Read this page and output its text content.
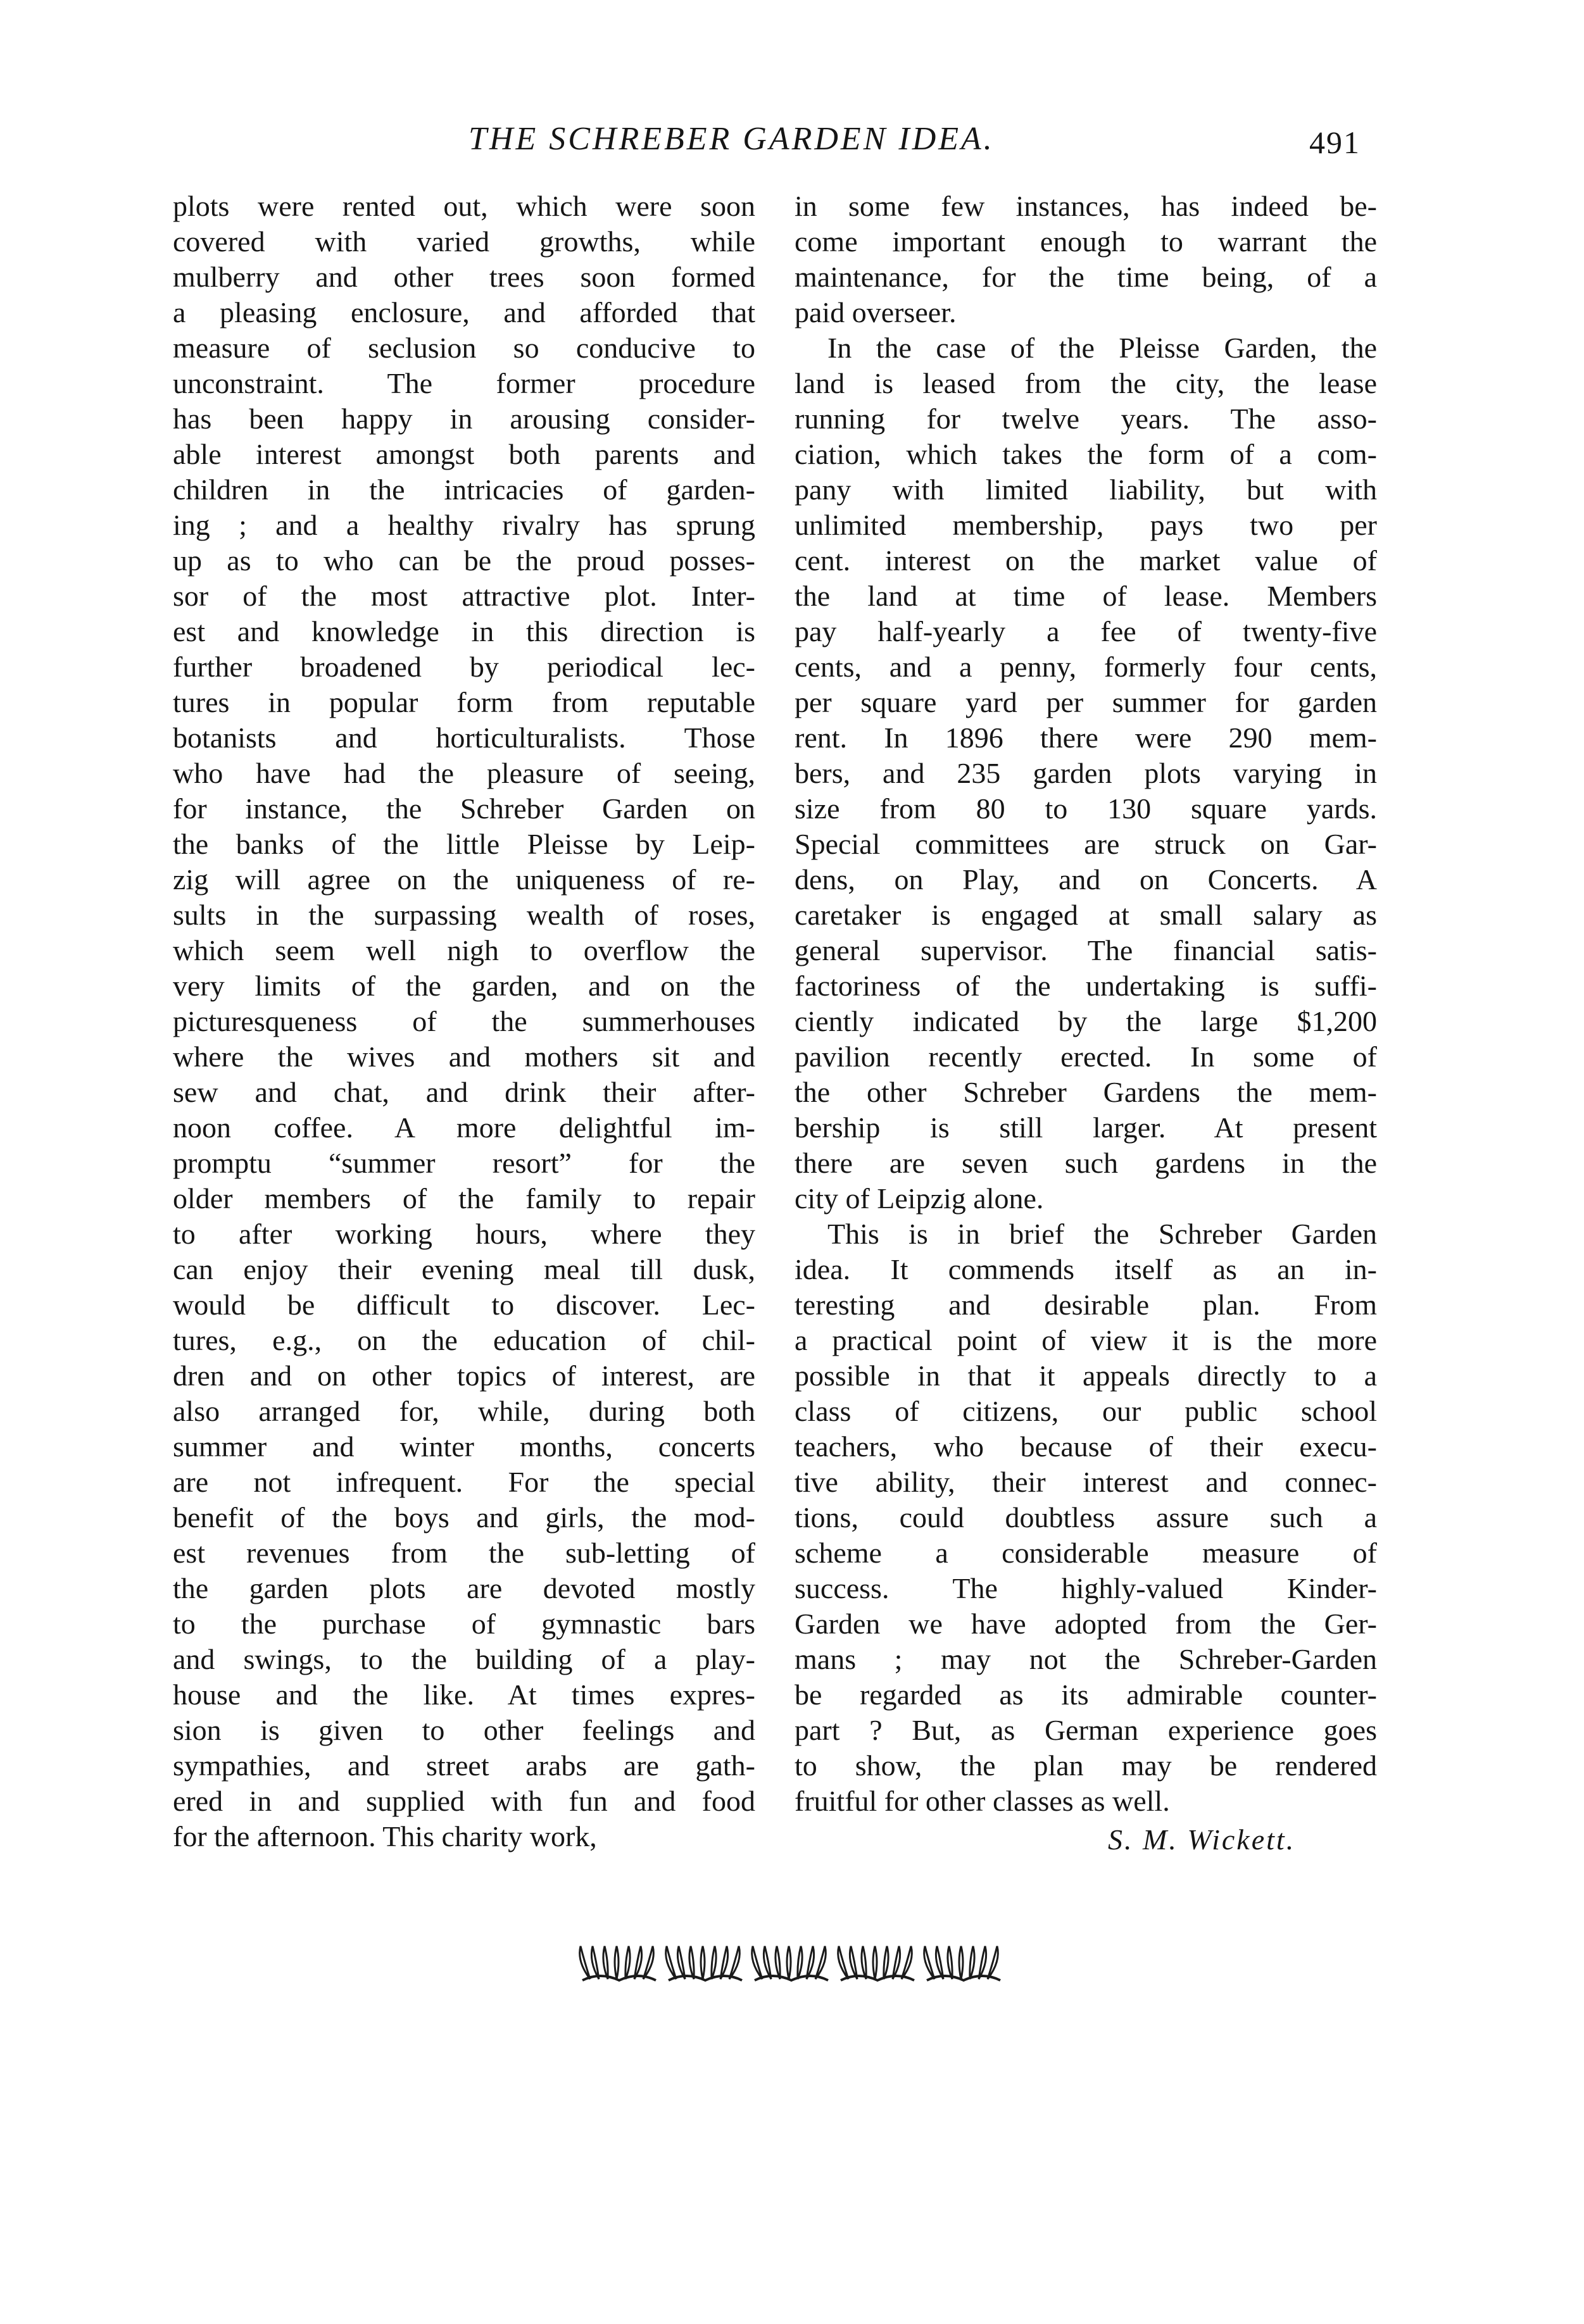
THE SCHREBER GARDEN IDEA.	491
plots were rented out, which were soon
covered with varied growths, while
mulberry and other trees soon formed
a pleasing enclosure, and afforded that
measure of seclusion so conducive to
unconstraint. The former procedure
has been happy in arousing consider-
able interest amongst both parents and
children in the intricacies of garden-
ing ; and a healthy rivalry has sprung
up as to who can be the proud posses-
sor of the most attractive plot. Inter-
est and knowledge in this direction is
further broadened by periodical lec-
tures in popular form from reputable
botanists and horticulturalists. Those
who have had the pleasure of seeing,
for instance, the Schreber Garden on
the banks of the little Pleisse by Leip-
zig will agree on the uniqueness of re-
sults in the surpassing wealth of roses,
which seem well nigh to overflow the
very limits of the garden, and on the
picturesqueness of the summerhouses
where the wives and mothers sit and
sew and chat, and drink their after-
noon coffee. A more delightful im-
promptu “summer resort” for the
older members of the family to repair
to after working hours, where they
can enjoy their evening meal till dusk,
would be difficult to discover. Lec-
tures, e.g., on the education of chil-
dren and on other topics of interest, are
also arranged for, while, during both
summer and winter months, concerts
are not infrequent. For the special
benefit of the boys and girls, the mod-
est revenues from the sub-letting of
the garden plots are devoted mostly
to the purchase of gymnastic bars
and swings, to the building of a play-
house and the like. At times expres-
sion is given to other feelings and
sympathies, and street arabs are gath-
ered in and supplied with fun and food
for the afternoon. This charity work,
in some few instances, has indeed be-
come important enough to warrant the
maintenance, for the time being, of a
paid overseer.
In the case of the Pleisse Garden, the
land is leased from the city, the lease
running for twelve years. The asso-
ciation, which takes the form of a com-
pany with limited liability, but with
unlimited membership, pays two per
cent. interest on the market value of
the land at time of lease. Members
pay half-yearly a fee of twenty-five
cents, and a penny, formerly four cents,
per square yard per summer for garden
rent. In 1896 there were 290 mem-
bers, and 235 garden plots varying in
size from 80 to 130 square yards.
Special committees are struck on Gar-
dens, on Play, and on Concerts. A
caretaker is engaged at small salary as
general supervisor. The financial satis-
factoriness of the undertaking is suffi-
ciently indicated by the large $1,200
pavilion recently erected. In some of
the other Schreber Gardens the mem-
bership is still larger. At present
there are seven such gardens in the
city of Leipzig alone.
This is in brief the Schreber Garden
idea. It commends itself as an in-
teresting and desirable plan. From
a practical point of view it is the more
possible in that it appeals directly to a
class of citizens, our public school
teachers, who because of their execu-
tive ability, their interest and connec-
tions, could doubtless assure such a
scheme a considerable measure of
success. The highly-valued Kinder-
Garden we have adopted from the Ger-
mans ; may not the Schreber-Garden
be regarded as its admirable counter-
part ? But, as German experience goes
to show, the plan may be rendered
fruitful for other classes as well.
S. M. Wickett.
